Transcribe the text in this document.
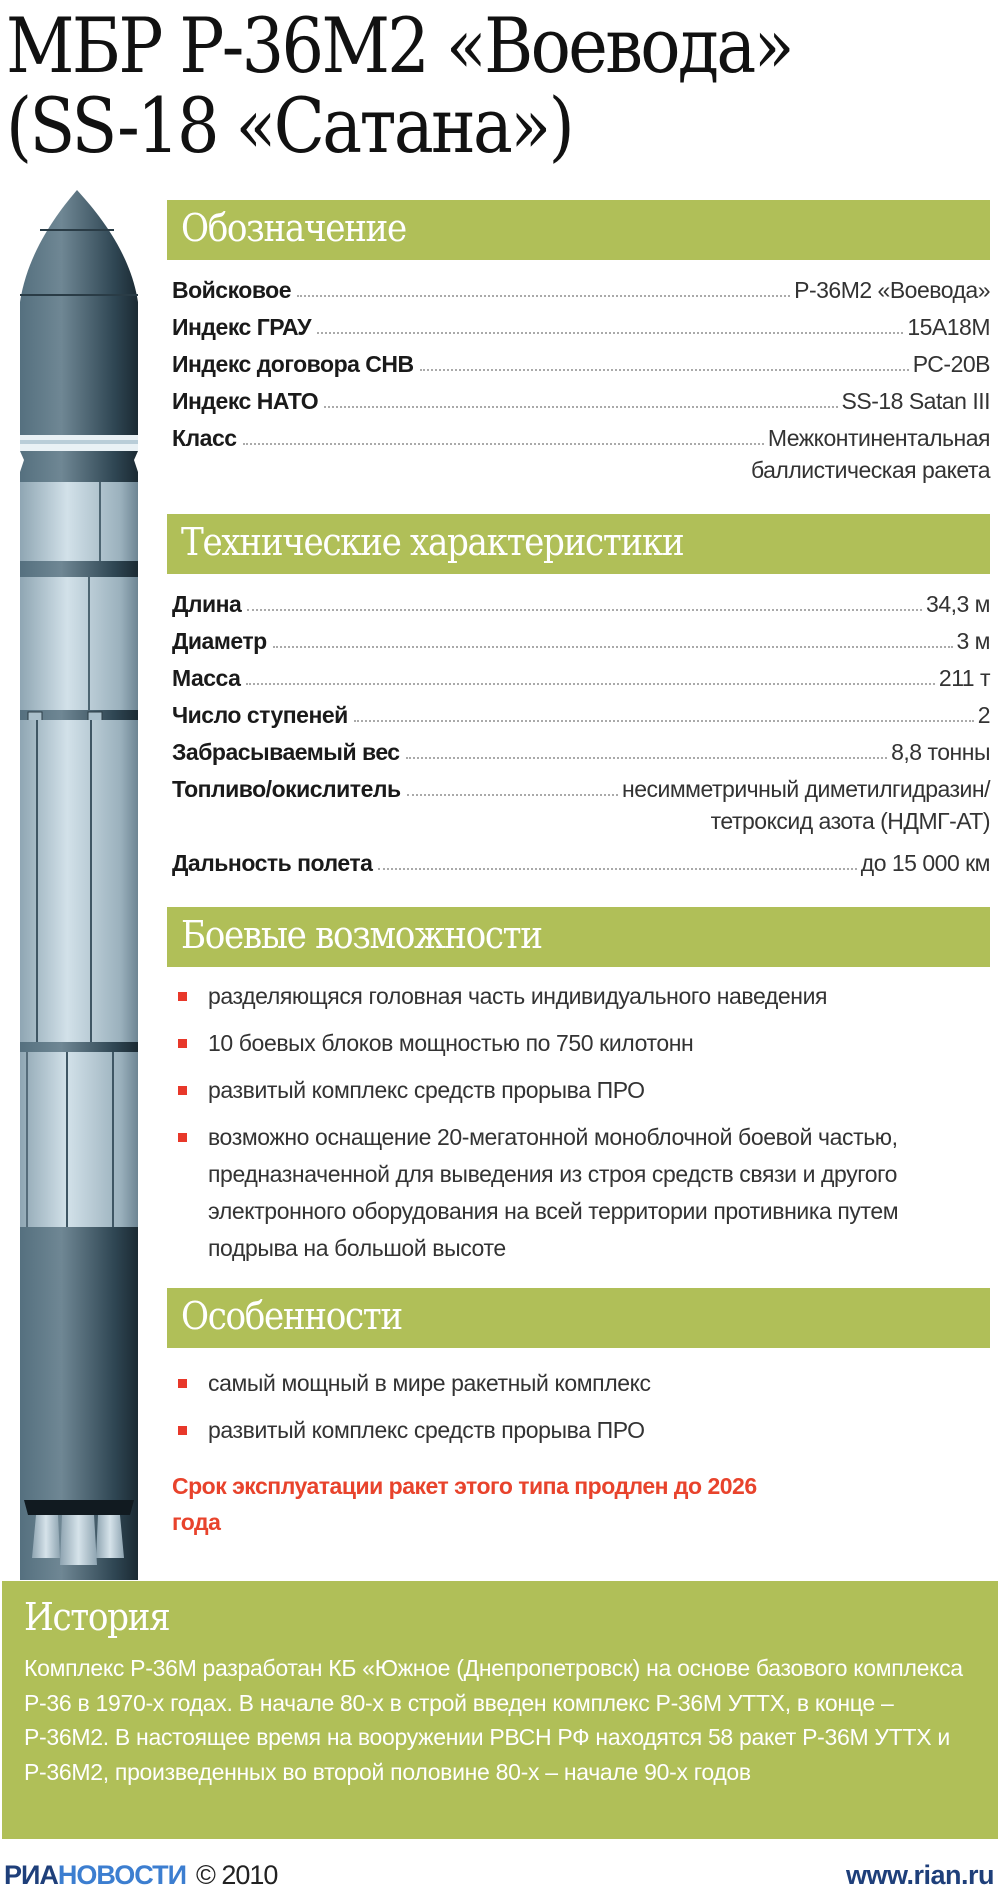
МБР Р-36М2 «Воевода»
(SS-18 «Сатана»)
Обозначение
Войсковое	Р-36М2 «Воевода»
Индекс ГРАУ	15А18М
Индекс договора СНВ	РС-20В
Индекс НАТО	SS-18 Satan III
Класс	Межконтинентальная
баллистическая ракета
Технические характеристики
Длина	34,3 м
Диаметр	3 м
Масса	211 т
Число ступеней	2
Забрасываемый вес	8,8 тонны
Топливо/окислитель	несимметричный диметилгидразин/
тетроксид азота (НДМГ-АТ)
Дальность полета	до 15 000 км
Боевые возможности
разделяющяся головная часть индивидуального наведения
10 боевых блоков мощностью по 750 килотонн
развитый комплекс средств прорыва ПРО
возможно оснащение 20-мегатонной моноблочной боевой частью, предназначенной для выведения из строя средств связи и другого электронного оборудования на всей территории противника путем подрыва на большой высоте
Особенности
самый мощный в мире ракетный комплекс
развитый комплекс средств прорыва ПРО
Срок эксплуатации ракет этого типа продлен до 2026 года
История
Комплекс Р-36М разработан КБ «Южное (Днепропетровск) на основе базового комплекса Р-36 в 1970-х годах. В начале 80-х в строй введен комплекс Р-36М УТТХ, в конце – Р-36М2. В настоящее время на вооружении РВСН РФ находятся 58 ракет Р-36М УТТХ и Р-36М2, произведенных во второй половине 80-х – начале 90-х годов
РИАНОВОСТИ © 2010	www.rian.ru
